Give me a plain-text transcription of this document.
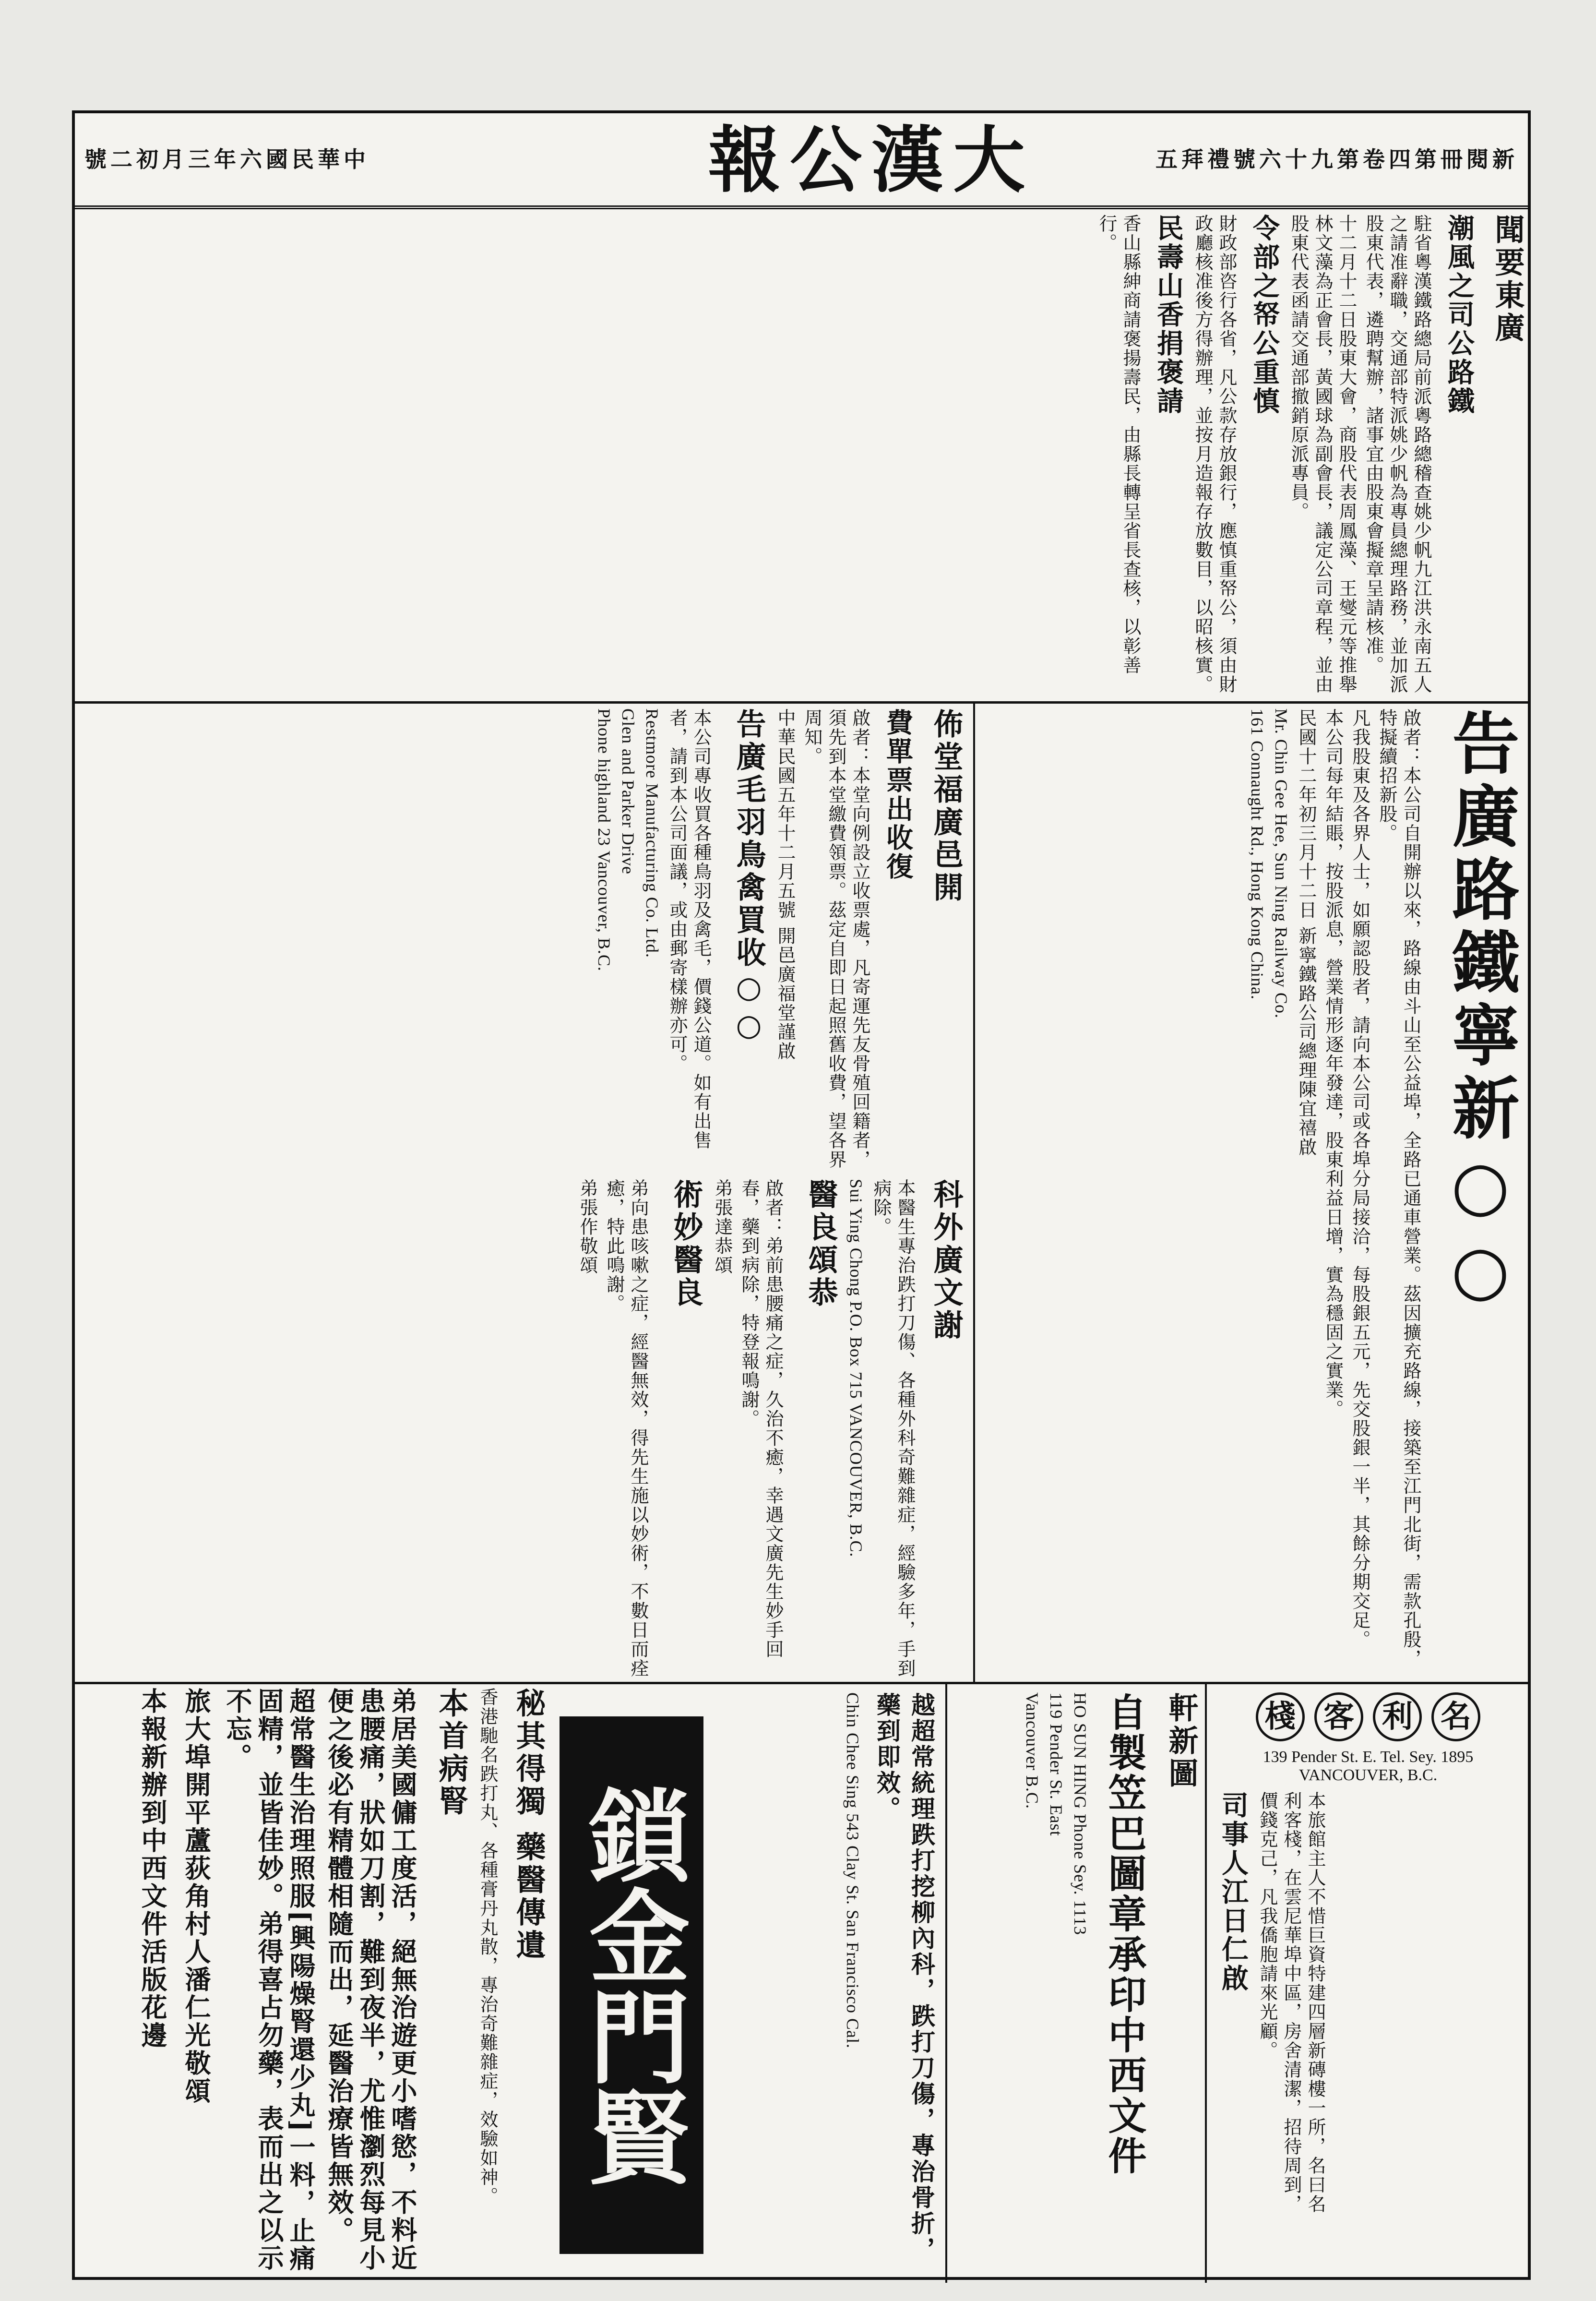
號二初月三年六國民華中	報公漢大	五拜禮號六十九第卷四第冊閱新
聞要東廣
潮風之司公路鐵
駐省粵漢鐵路總局前派粵路總稽查姚少帆九江洪永南五人之請准辭職，交通部特派姚少帆為專員總理路務，並加派股東代表，遴聘幫辦，諸事宜由股東會擬章呈請核准。
十二月十二日股東大會，商股代表周鳳藻、王燮元等推舉林文藻為正會長，黃國球為副會長，議定公司章程，並由股東代表函請交通部撤銷原派專員。
令部之帑公重慎
財政部咨行各省，凡公款存放銀行，應慎重帑公，須由財政廳核准後方得辦理，並按月造報存放數目，以昭核實。
民壽山香捐褒請
香山縣紳商請褒揚壽民，由縣長轉呈省長查核，以彰善行。
告廣路鐵寧新○○
啟者：本公司自開辦以來，路線由斗山至公益埠，全路已通車營業。茲因擴充路線，接築至江門北街，需款孔殷，特擬續招新股。
凡我股東及各界人士，如願認股者，請向本公司或各埠分局接洽，每股銀五元，先交股銀一半，其餘分期交足。
本公司每年結賬，按股派息，營業情形逐年發達，股東利益日增，實為穩固之實業。
民國十二年初三月十二日 新寧鐵路公司總理陳宜禧啟
Mr. Chin Gee Hee, Sun Ning Railway Co.
161 Connaught Rd., Hong Kong China.
佈堂福廣邑開
費單票出收復
啟者：本堂向例設立收票處，凡寄運先友骨殖回籍者，須先到本堂繳費領票。茲定自即日起照舊收費，望各界周知。
中華民國五年十二月五號 開邑廣福堂謹啟
告廣毛羽鳥禽買收○○
本公司專收買各種鳥羽及禽毛，價錢公道。如有出售者，請到本公司面議，或由郵寄樣辦亦可。
Restmore Manufacturing Co. Ltd.
Glen and Parker Drive
Phone highland 23 Vancouver, B.C.
科外廣文謝
本醫生專治跌打刀傷、各種外科奇難雜症，經驗多年，手到病除。
Sui Ying Chong P.O. Box 715 VANCOUVER, B.C.
醫良頌恭
啟者：弟前患腰痛之症，久治不癒，幸遇文廣先生妙手回春，藥到病除，特登報鳴謝。
弟張達恭頌
術妙醫良
弟向患咳嗽之症，經醫無效，得先生施以妙術，不數日而痊癒，特此鳴謝。
弟張作敬頌
棧 客 利 名
139 Pender St. E. Tel. Sey. 1895
VANCOUVER, B.C.
本旅館主人不惜巨資特建四層新磚樓一所，名曰名利客棧，在雲尼華埠中區，房舍清潔，招待周到，價錢克己，凡我僑胞請來光顧。
司事人江日仁啟
軒新圖
自製笠巴圖章承印中西文件
HO SUN HING Phone Sey. 1113
119 Pender St. East
Vancouver B.C.
鎖金門賢	越超常統理跌打挖柳內科，跌打刀傷，專治骨折，藥到即效。
Chin Chee Sing 543 Clay St. San Francisco Cal.
秘其得獨 藥醫傳遺
香港馳名跌打丸、各種膏丹丸散，專治奇難雜症，效驗如神。
本首病腎
弟居美國傭工度活，絕無治遊更小嗜慾，不料近患腰痛，狀如刀割，難到夜半，尤惟瀏烈每見小便之後必有精體相隨而出，延醫治療皆無效。
超常醫生治理照服[興陽燥腎還少丸]一料，止痛固精，並皆佳妙。弟得喜占勿藥，表而出之以示不忘。
旅大埠開平蘆荻角村人潘仁光敬頌
本報新辦到中西文件活版花邊
